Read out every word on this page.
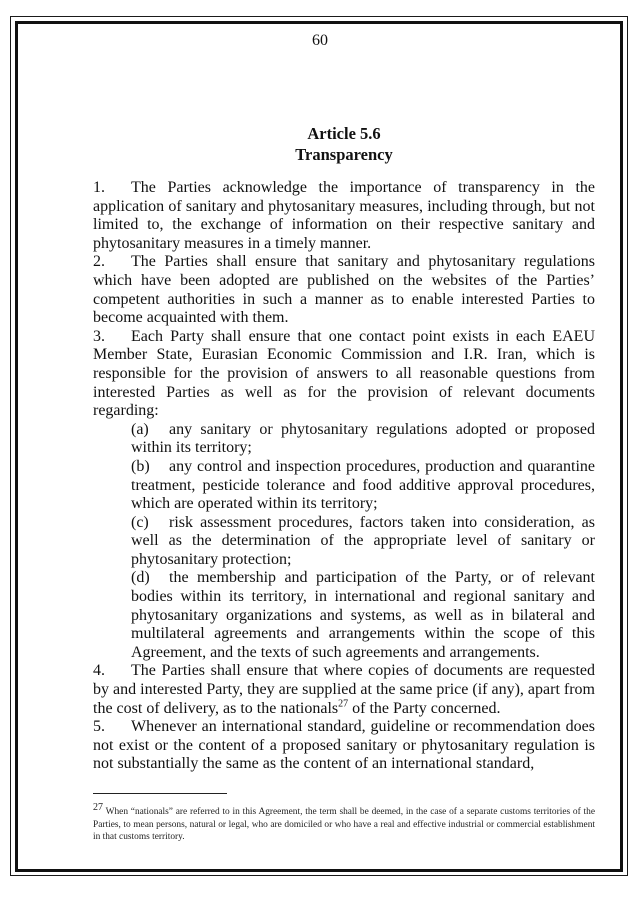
60
Article 5.6
Transparency

1. The Parties acknowledge the importance of transparency in the application of sanitary and phytosanitary measures, including through, but not limited to, the exchange of information on their respective sanitary and phytosanitary measures in a timely manner.

2. The Parties shall ensure that sanitary and phytosanitary regulations which have been adopted are published on the websites of the Parties’ competent authorities in such a manner as to enable interested Parties to become acquainted with them.

3. Each Party shall ensure that one contact point exists in each EAEU Member State, Eurasian Economic Commission and I.R. Iran, which is responsible for the provision of answers to all reasonable questions from interested Parties as well as for the provision of relevant documents regarding:

(a) any sanitary or phytosanitary regulations adopted or proposed within its territory;

(b) any control and inspection procedures, production and quarantine treatment, pesticide tolerance and food additive approval procedures, which are operated within its territory;

(c) risk assessment procedures, factors taken into consideration, as well as the determination of the appropriate level of sanitary or phytosanitary protection;

(d) the membership and participation of the Party, or of relevant bodies within its territory, in international and regional sanitary and phytosanitary organizations and systems, as well as in bilateral and multilateral agreements and arrangements within the scope of this Agreement, and the texts of such agreements and arrangements.

4. The Parties shall ensure that where copies of documents are requested by and interested Party, they are supplied at the same price (if any), apart from the cost of delivery, as to the nationals$^{27}$ of the Party concerned.

5. Whenever an international standard, guideline or recommendation does not exist or the content of a proposed sanitary or phytosanitary regulation is not substantially the same as the content of an international standard,

$^{27}$ When “nationals” are referred to in this Agreement, the term shall be deemed, in the case of a separate customs territories of the Parties, to mean persons, natural or legal, who are domiciled or who have a real and effective industrial or commercial establishment in that customs territory.
